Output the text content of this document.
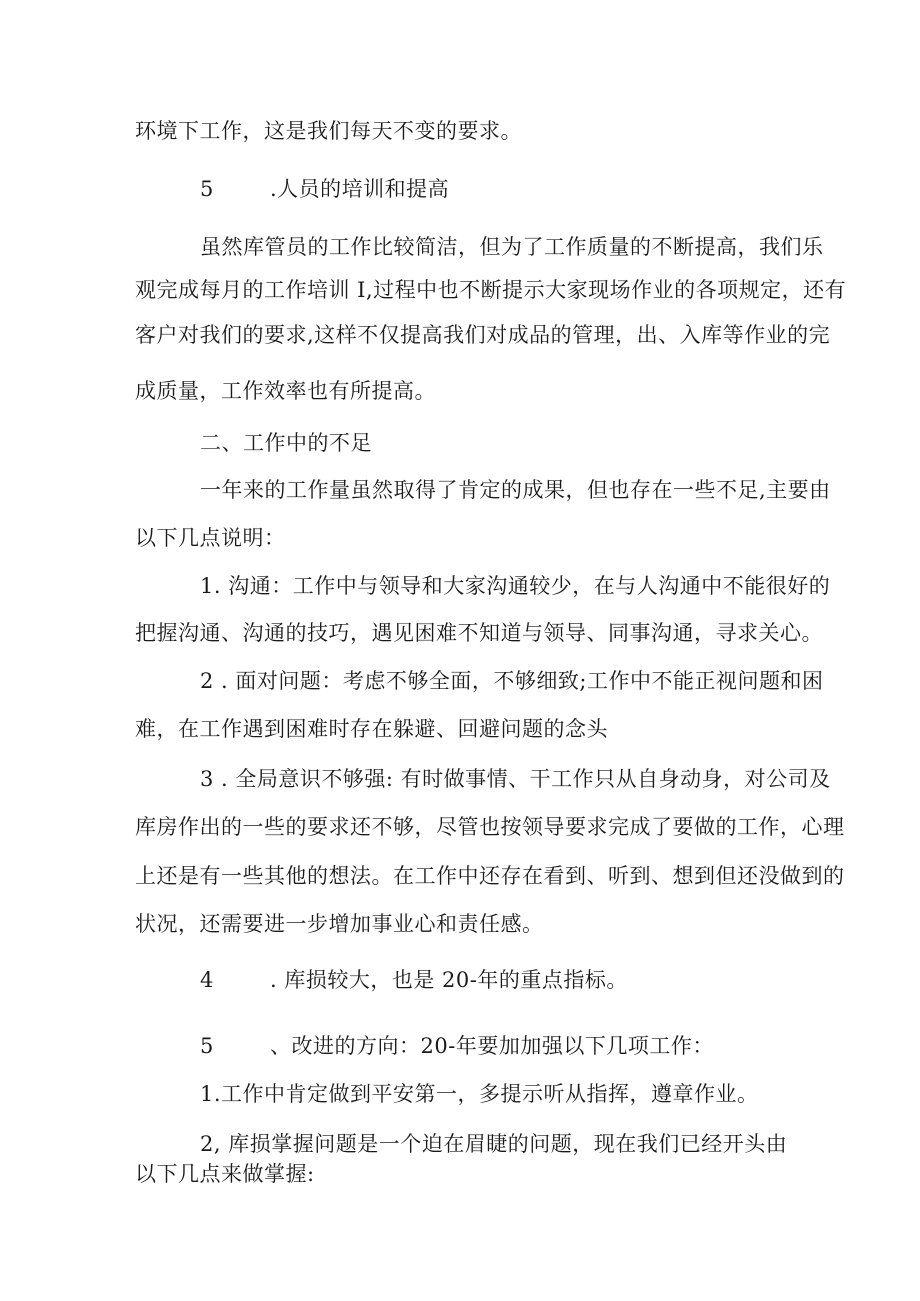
环境下工作，这是我们每天不变的要求。
5	.人员的培训和提高
虽然库管员的工作比较简洁，但为了工作质量的不断提高，我们乐
观完成每月的工作培训 I,过程中也不断提示大家现场作业的各项规定，还有
客户对我们的要求,这样不仅提高我们对成品的管理，出、入库等作业的完
成质量，工作效率也有所提高。
二、工作中的不足
一年来的工作量虽然取得了肯定的成果，但也存在一些不足,主要由
以下几点说明：
1. 沟通：工作中与领导和大家沟通较少，在与人沟通中不能很好的
把握沟通、沟通的技巧，遇见困难不知道与领导、同事沟通，寻求关心。
2 . 面对问题：考虑不够全面，不够细致;工作中不能正视问题和困
难，在工作遇到困难时存在躲避、回避问题的念头
3 . 全局意识不够强: 有时做事情、干工作只从自身动身，对公司及
库房作出的一些的要求还不够，尽管也按领导要求完成了要做的工作，心理
上还是有一些其他的想法。在工作中还存在看到、听到、想到但还没做到的
状况，还需要进一步增加事业心和责任感。
4	. 库损较大，也是 20-年的重点指标。
5	、改进的方向：20-年要加加强以下几项工作：
1.工作中肯定做到平安第一，多提示听从指挥，遵章作业。
2, 库损掌握问题是一个迫在眉睫的问题，现在我们已经开头由
以下几点来做掌握:
